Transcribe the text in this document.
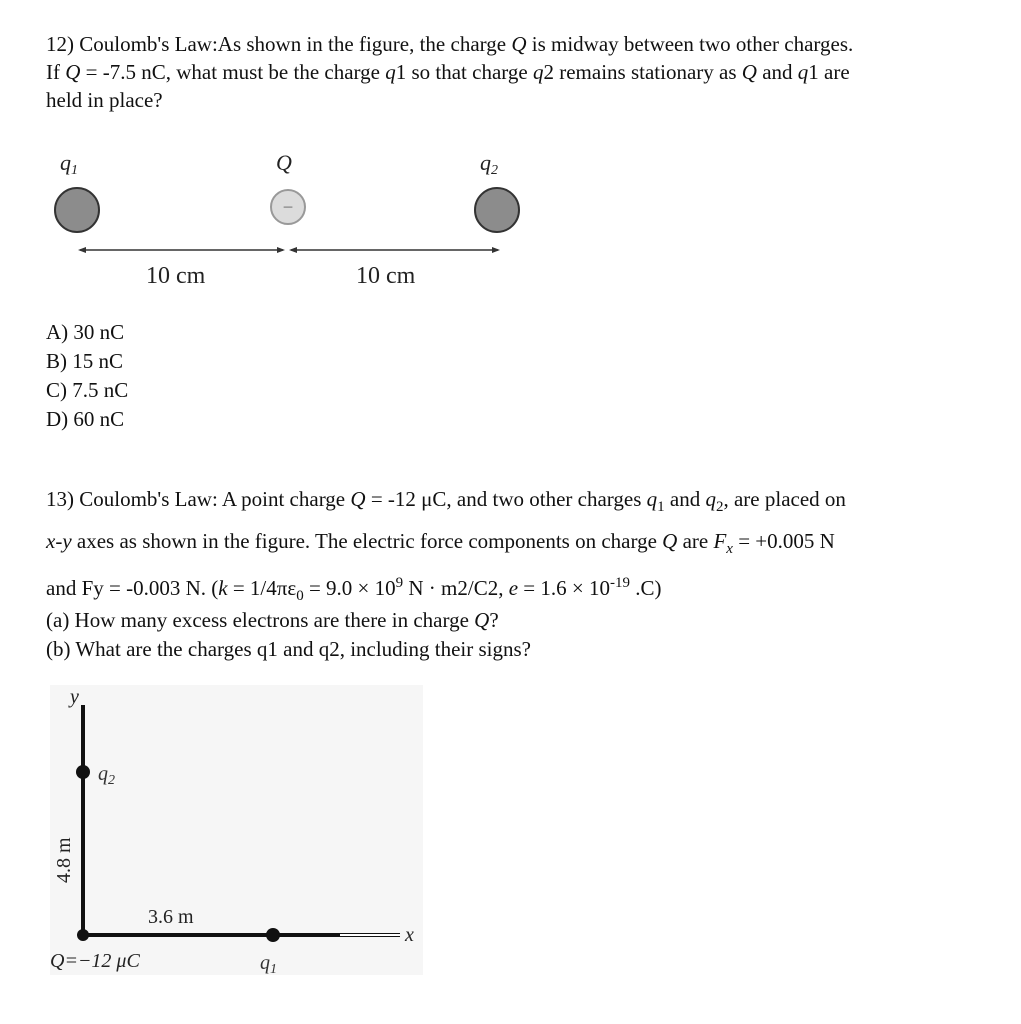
12) Coulomb's Law:As shown in the figure, the charge Q is midway between two other charges.
If Q = -7.5 nC, what must be the charge q1 so that charge q2 remains stationary as Q and q1 are
held in place?
q1	Q	q2
−
10 cm	10 cm
A) 30 nC
B) 15 nC
C) 7.5 nC
D) 60 nC
13) Coulomb's Law: A point charge Q = -12 μC, and two other charges $q_1$ and $q_2$, are placed on
x-y axes as shown in the figure. The electric force components on charge Q are $F_x = +0.005$ N
and Fy = -0.003 N. ($k = 1/4\pi\varepsilon_0 = 9.0 \times 10^9$ N · m2/C2, $e = 1.6 \times 10^{-19}$ .C)
(a) How many excess electrons are there in charge Q?
(b) What are the charges q1 and q2, including their signs?
y
x
$q_2$
$q_1$
4.8 m
3.6 m
Q=−12 μC
